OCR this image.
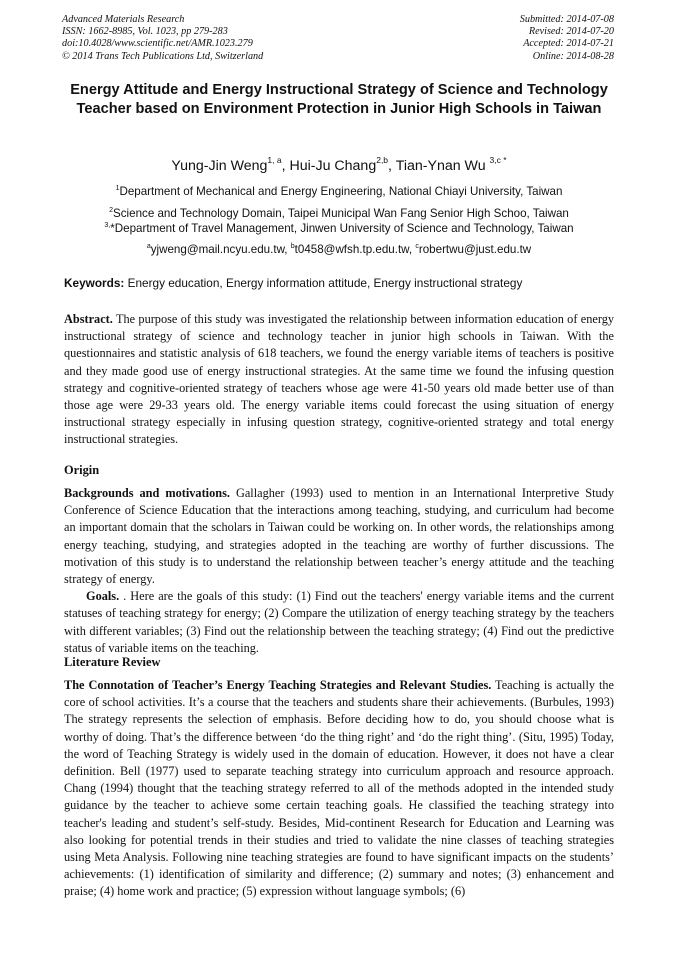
Advanced Materials Research
ISSN: 1662-8985, Vol. 1023, pp 279-283
doi:10.4028/www.scientific.net/AMR.1023.279
© 2014 Trans Tech Publications Ltd, Switzerland
Submitted: 2014-07-08
Revised: 2014-07-20
Accepted: 2014-07-21
Online: 2014-08-28
Energy Attitude and Energy Instructional Strategy of Science and Technology Teacher based on Environment Protection in Junior High Schools in Taiwan
Yung-Jin Weng$^{1, a}$, Hui-Ju Chang$^{2,b}$, Tian-Ynan Wu $^{3,c *}$
$^1$Department of Mechanical and Energy Engineering, National Chiayi University, Taiwan
$^2$Science and Technology Domain, Taipei Municipal Wan Fang Senior High Schoo, Taiwan
$^{3,}$*Department of Travel Management, Jinwen University of Science and Technology, Taiwan
$^a$yjweng@mail.ncyu.edu.tw, $^b$t0458@wfsh.tp.edu.tw, $^c$robertwu@just.edu.tw
Keywords: Energy education, Energy information attitude, Energy instructional strategy

Abstract. The purpose of this study was investigated the relationship between information education of energy instructional strategy of science and technology teacher in junior high schools in Taiwan. With the questionnaires and statistic analysis of 618 teachers, we found the energy variable items of teachers is positive and they made good use of energy instructional strategies. At the same time we found the infusing question strategy and cognitive-oriented strategy of teachers whose age were 41-50 years old made better use of than those age were 29-33 years old. The energy variable items could forecast the using situation of energy instructional strategy especially in infusing question strategy, cognitive-oriented strategy and total energy instructional strategies.

Origin

Backgrounds and motivations. Gallagher (1993) used to mention in an International Interpretive Study Conference of Science Education that the interactions among teaching, studying, and curriculum had become an important domain that the scholars in Taiwan could be working on. In other words, the relationships among energy teaching, studying, and strategies adopted in the teaching are worthy of further discussions. The motivation of this study is to understand the relationship between teacher’s energy attitude and the teaching strategy of energy.

Goals. . Here are the goals of this study: (1) Find out the teachers' energy variable items and the current statuses of teaching strategy for energy; (2) Compare the utilization of energy teaching strategy by the teachers with different variables; (3) Find out the relationship between the teaching strategy; (4) Find out the predictive status of variable items on the teaching.

Literature Review

The Connotation of Teacher’s Energy Teaching Strategies and Relevant Studies. Teaching is actually the core of school activities. It’s a course that the teachers and students share their achievements. (Burbules, 1993) The strategy represents the selection of emphasis. Before deciding how to do, you should choose what is worthy of doing. That’s the difference between ‘do the thing right’ and ‘do the right thing’. (Situ, 1995) Today, the word of Teaching Strategy is widely used in the domain of education. However, it does not have a clear definition. Bell (1977) used to separate teaching strategy into curriculum approach and resource approach. Chang (1994) thought that the teaching strategy referred to all of the methods adopted in the intended study guidance by the teacher to achieve some certain teaching goals. He classified the teaching strategy into teacher's leading and student’s self-study. Besides, Mid-continent Research for Education and Learning was also looking for potential trends in their studies and tried to validate the nine classes of teaching strategies using Meta Analysis. Following nine teaching strategies are found to have significant impacts on the students’ achievements: (1) identification of similarity and difference; (2) summary and notes; (3) enhancement and praise; (4) home work and practice; (5) expression without language symbols; (6)
